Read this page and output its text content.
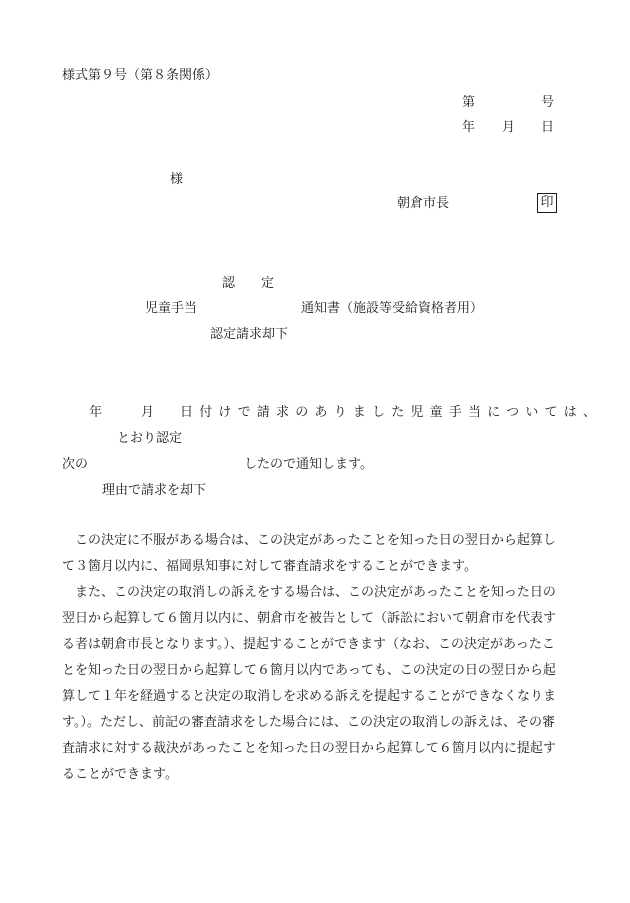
様式第９号（第８条関係）
第	号
年 月 日
様
朝倉市長	印
認　　定
児童手当	通知書（施設等受給資格者用）
認定請求却下
年	月 日付けで請求のありました児童手当については、
とおり認定
次の	したので通知します。
理由で請求を却下
この決定に不服がある場合は、この決定があったことを知った日の翌日から起算し
て３箇月以内に、福岡県知事に対して審査請求をすることができます。
また、この決定の取消しの訴えをする場合は、この決定があったことを知った日の
翌日から起算して６箇月以内に、朝倉市を被告として（訴訟において朝倉市を代表す
る者は朝倉市長となります。）、提起することができます（なお、この決定があったこ
とを知った日の翌日から起算して６箇月以内であっても、この決定の日の翌日から起
算して１年を経過すると決定の取消しを求める訴えを提起することができなくなりま
す。）。ただし、前記の審査請求をした場合には、この決定の取消しの訴えは、その審
査請求に対する裁決があったことを知った日の翌日から起算して６箇月以内に提起す
ることができます。
